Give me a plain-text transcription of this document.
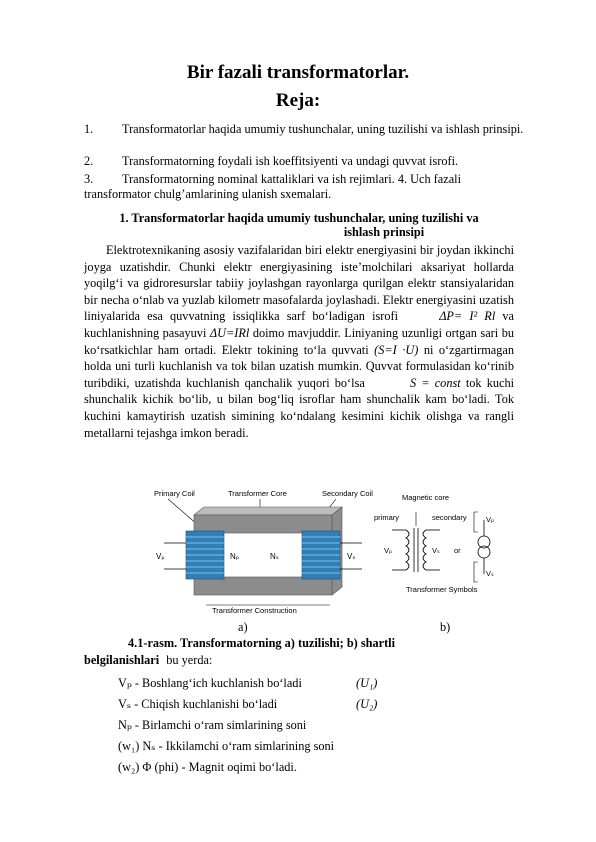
Bir fazali transformatorlar.
Reja:
1.	Transformatorlar haqida umumiy tushunchalar, uning tuzilishi va ishlash prinsipi.
2.	Transformatorning foydali ish koeffitsiyenti va undagi quvvat isrofi.
3.	Transformatorning nominal kattaliklari va ish rejimlari. 4. Uch fazali transformator chulg’amlarining ulanish sxemalari.
1. Transformatorlar haqida umumiy tushunchalar, uning tuzilishi va
ishlash prinsipi

Elektrotexnikaning asosiy vazifalaridan biri elektr energiyasini bir joydan ikkinchi joyga uzatishdir. Chunki elektr energiyasining iste’molchilari aksariyat hollarda yoqilg‘i va gidroresurslar tabiiy joylashgan rayonlarga qurilgan elektr stansiyalaridan bir necha o‘nlab va yuzlab kilometr masofalarda joylashadi. Elektr energiyasini uzatish liniyalarida esa quvvatning issiqlikka sarf bo‘ladigan isrofi	ΔP= I² Rl va kuchlanishning pasayuvi ΔU=IRl doimo mavjuddir. Liniyaning uzunligi ortgan sari bu ko‘rsatkichlar ham ortadi. Elektr tokining to‘la quvvati (S=I ·U) ni o‘zgartirmagan holda uni turli kuchlanish va tok bilan uzatish mumkin. Quvvat formulasidan ko‘rinib turibdiki, uzatishda kuchlanish qanchalik yuqori bo‘lsa	S = const tok kuchi shunchalik kichik bo‘lib, u bilan bog‘liq isroflar ham shunchalik kam bo‘ladi. Tok kuchini kamaytirish uzatish simining ko‘ndalang kesimini kichik olishga va rangli metallarni tejashga imkon beradi.

Primary Coil	Transformer Core	Secondary Coil
Vₚ	Nₚ	Nₛ	Vₛ
Transformer Construction
Magnetic core
primary	secondary
Vₚ	Vₛ or
Vₚ
Vₛ
Transformer Symbols
a)	b)
4.1-rasm. Transformatorning a) tuzilishi; b) shartli
belgilanishlari bu yerda:
Vₚ - Boshlang‘ich kuchlanish bo‘ladi	(U₁)
Vₛ - Chiqish kuchlanishi bo‘ladi	(U₂)
Nₚ - Birlamchi o‘ram simlarining soni
(w₁) Nₛ - Ikkilamchi o‘ram simlarining soni
(w₂) Φ (phi) - Magnit oqimi bo‘ladi.
